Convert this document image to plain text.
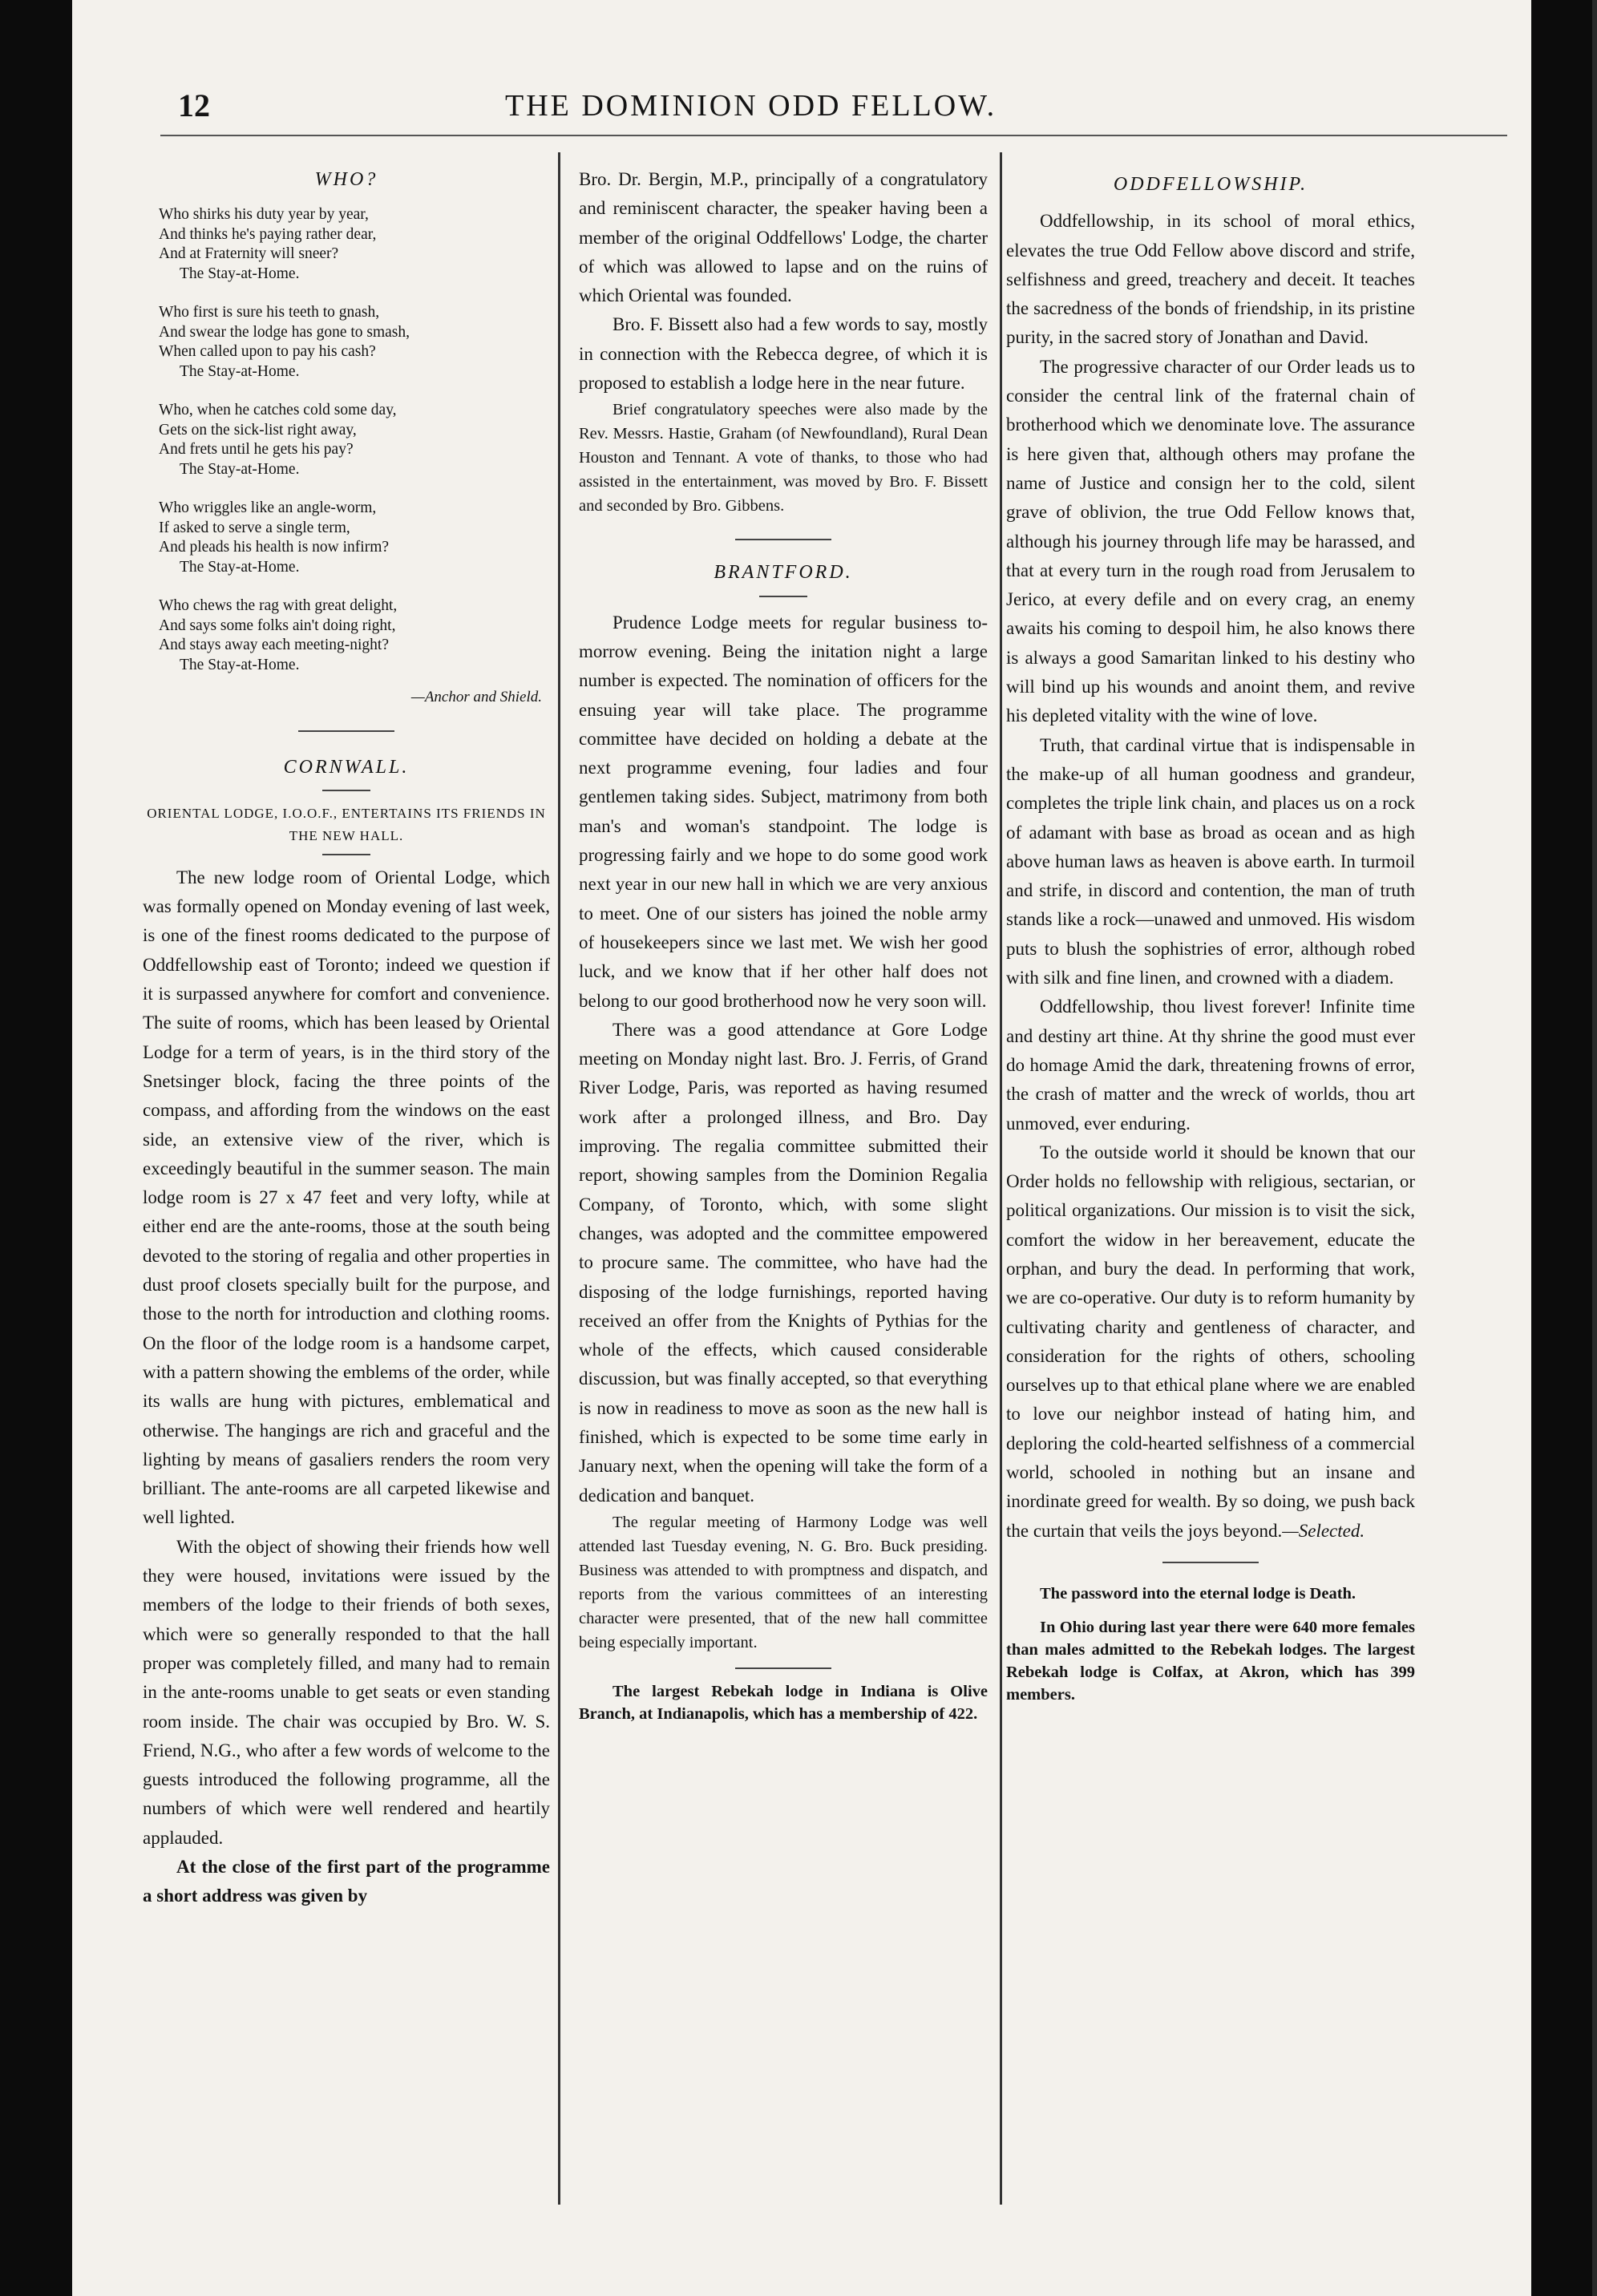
12	THE DOMINION ODD FELLOW.
WHO?
Who shirks his duty year by year,
And thinks he's paying rather dear,
And at Fraternity will sneer?
The Stay-at-Home.
Who first is sure his teeth to gnash,
And swear the lodge has gone to smash,
When called upon to pay his cash?
The Stay-at-Home.
Who, when he catches cold some day,
Gets on the sick-list right away,
And frets until he gets his pay?
The Stay-at-Home.
Who wriggles like an angle-worm,
If asked to serve a single term,
And pleads his health is now infirm?
The Stay-at-Home.
Who chews the rag with great delight,
And says some folks ain't doing right,
And stays away each meeting-night?
The Stay-at-Home.
—Anchor and Shield.
CORNWALL.
ORIENTAL LODGE, I.O.O.F., ENTERTAINS ITS FRIENDS IN THE NEW HALL.

The new lodge room of Oriental Lodge, which was formally opened on Monday evening of last week, is one of the finest rooms dedicated to the purpose of Oddfellowship east of Toronto; indeed we question if it is surpassed anywhere for comfort and convenience. The suite of rooms, which has been leased by Oriental Lodge for a term of years, is in the third story of the Snetsinger block, facing the three points of the compass, and affording from the windows on the east side, an extensive view of the river, which is exceedingly beautiful in the summer season. The main lodge room is 27 x 47 feet and very lofty, while at either end are the ante-rooms, those at the south being devoted to the storing of regalia and other properties in dust proof closets specially built for the purpose, and those to the north for introduction and clothing rooms. On the floor of the lodge room is a handsome carpet, with a pattern showing the emblems of the order, while its walls are hung with pictures, emblematical and otherwise. The hangings are rich and graceful and the lighting by means of gasaliers renders the room very brilliant. The ante-rooms are all carpeted likewise and well lighted.

With the object of showing their friends how well they were housed, invitations were issued by the members of the lodge to their friends of both sexes, which were so generally responded to that the hall proper was completely filled, and many had to remain in the ante-rooms unable to get seats or even standing room inside. The chair was occupied by Bro. W. S. Friend, N.G., who after a few words of welcome to the guests introduced the following programme, all the numbers of which were well rendered and heartily applauded.

At the close of the first part of the programme a short address was given by

Bro. Dr. Bergin, M.P., principally of a congratulatory and reminiscent character, the speaker having been a member of the original Oddfellows' Lodge, the charter of which was allowed to lapse and on the ruins of which Oriental was founded.

Bro. F. Bissett also had a few words to say, mostly in connection with the Rebecca degree, of which it is proposed to establish a lodge here in the near future.

Brief congratulatory speeches were also made by the Rev. Messrs. Hastie, Graham (of Newfoundland), Rural Dean Houston and Tennant. A vote of thanks, to those who had assisted in the entertainment, was moved by Bro. F. Bissett and seconded by Bro. Gibbens.

BRANTFORD.

Prudence Lodge meets for regular business to-morrow evening. Being the initation night a large number is expected. The nomination of officers for the ensuing year will take place. The programme committee have decided on holding a debate at the next programme evening, four ladies and four gentlemen taking sides. Subject, matrimony from both man's and woman's standpoint. The lodge is progressing fairly and we hope to do some good work next year in our new hall in which we are very anxious to meet. One of our sisters has joined the noble army of housekeepers since we last met. We wish her good luck, and we know that if her other half does not belong to our good brotherhood now he very soon will.

There was a good attendance at Gore Lodge meeting on Monday night last. Bro. J. Ferris, of Grand River Lodge, Paris, was reported as having resumed work after a prolonged illness, and Bro. Day improving. The regalia committee submitted their report, showing samples from the Dominion Regalia Company, of Toronto, which, with some slight changes, was adopted and the committee empowered to procure same. The committee, who have had the disposing of the lodge furnishings, reported having received an offer from the Knights of Pythias for the whole of the effects, which caused considerable discussion, but was finally accepted, so that everything is now in readiness to move as soon as the new hall is finished, which is expected to be some time early in January next, when the opening will take the form of a dedication and banquet.

The regular meeting of Harmony Lodge was well attended last Tuesday evening, N. G. Bro. Buck presiding. Business was attended to with promptness and dispatch, and reports from the various committees of an interesting character were presented, that of the new hall committee being especially important.

The largest Rebekah lodge in Indiana is Olive Branch, at Indianapolis, which has a membership of 422.

ODDFELLOWSHIP.

Oddfellowship, in its school of moral ethics, elevates the true Odd Fellow above discord and strife, selfishness and greed, treachery and deceit. It teaches the sacredness of the bonds of friendship, in its pristine purity, in the sacred story of Jonathan and David.

The progressive character of our Order leads us to consider the central link of the fraternal chain of brotherhood which we denominate love. The assurance is here given that, although others may profane the name of Justice and consign her to the cold, silent grave of oblivion, the true Odd Fellow knows that, although his journey through life may be harassed, and that at every turn in the rough road from Jerusalem to Jerico, at every defile and on every crag, an enemy awaits his coming to despoil him, he also knows there is always a good Samaritan linked to his destiny who will bind up his wounds and anoint them, and revive his depleted vitality with the wine of love.

Truth, that cardinal virtue that is indispensable in the make-up of all human goodness and grandeur, completes the triple link chain, and places us on a rock of adamant with base as broad as ocean and as high above human laws as heaven is above earth. In turmoil and strife, in discord and contention, the man of truth stands like a rock—unawed and unmoved. His wisdom puts to blush the sophistries of error, although robed with silk and fine linen, and crowned with a diadem.

Oddfellowship, thou livest forever! Infinite time and destiny art thine. At thy shrine the good must ever do homage Amid the dark, threatening frowns of error, the crash of matter and the wreck of worlds, thou art unmoved, ever enduring.

To the outside world it should be known that our Order holds no fellowship with religious, sectarian, or political organizations. Our mission is to visit the sick, comfort the widow in her bereavement, educate the orphan, and bury the dead. In performing that work, we are co-operative. Our duty is to reform humanity by cultivating charity and gentleness of character, and consideration for the rights of others, schooling ourselves up to that ethical plane where we are enabled to love our neighbor instead of hating him, and deploring the cold-hearted selfishness of a commercial world, schooled in nothing but an insane and inordinate greed for wealth. By so doing, we push back the curtain that veils the joys beyond.—Selected.

The password into the eternal lodge is Death.

In Ohio during last year there were 640 more females than males admitted to the Rebekah lodges. The largest Rebekah lodge is Colfax, at Akron, which has 399 members.
